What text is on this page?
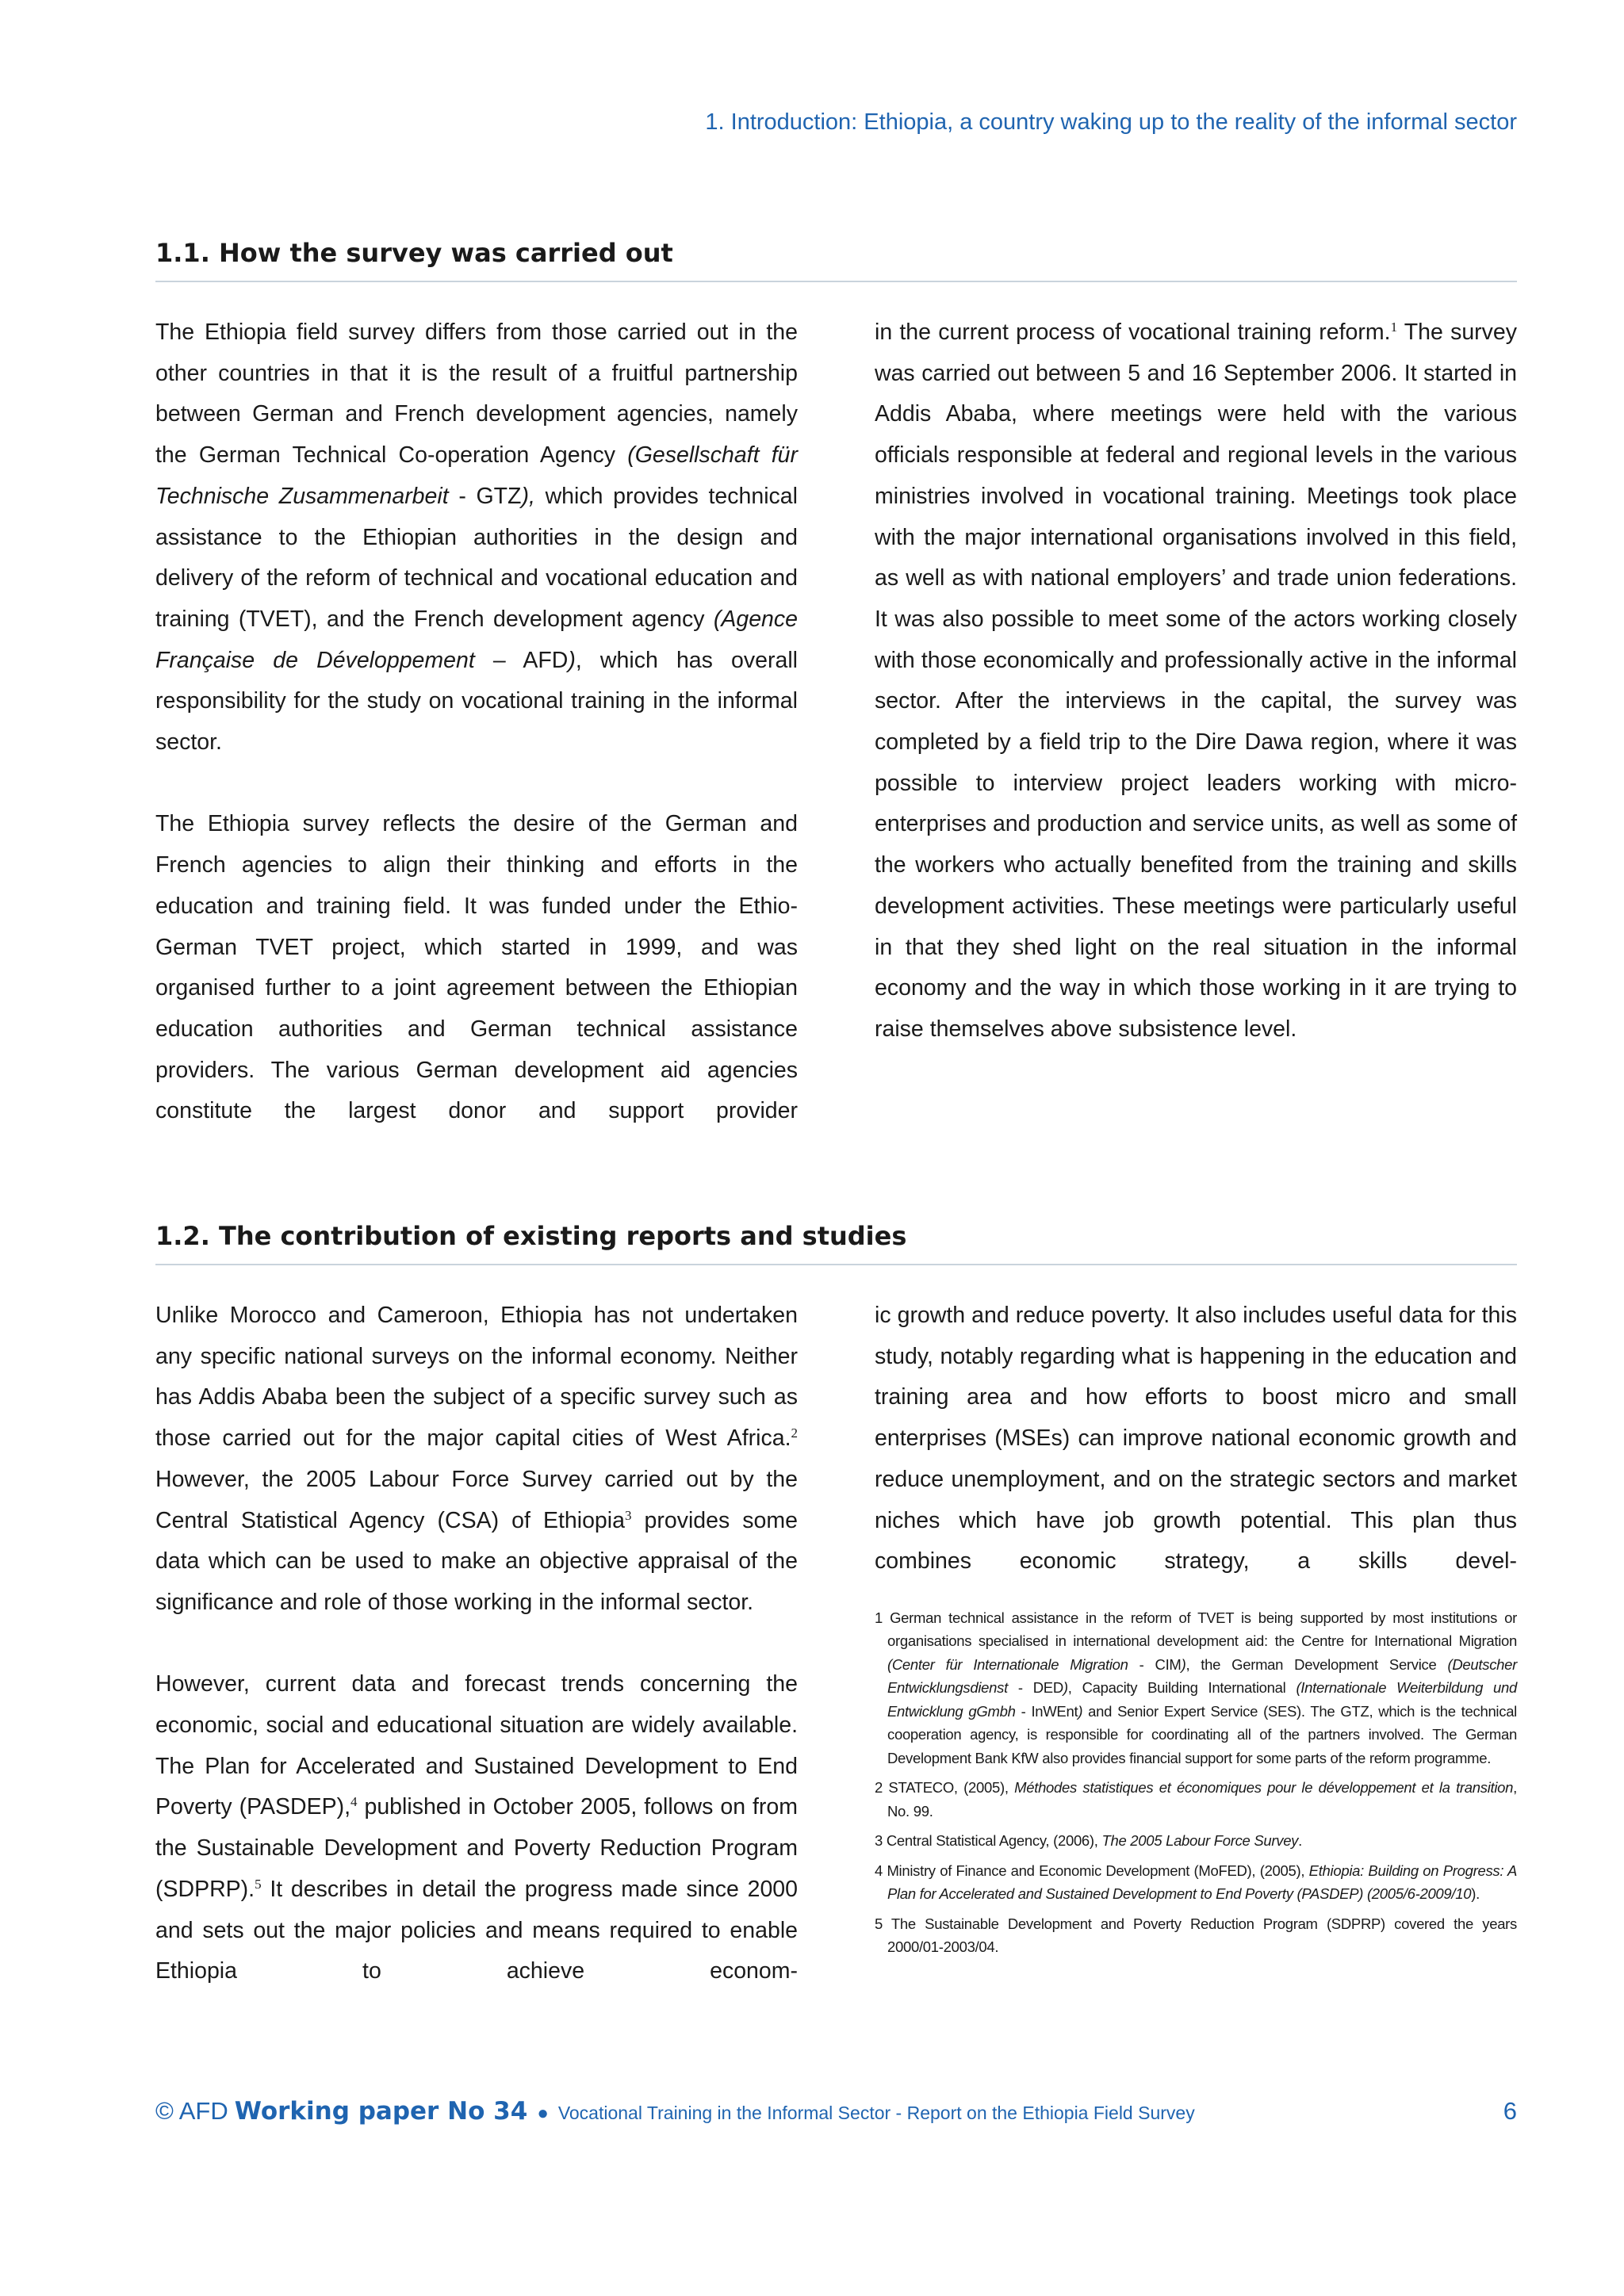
1. Introduction: Ethiopia, a country waking up to the reality of the informal sector
1.1. How the survey was carried out

The Ethiopia field survey differs from those carried out in the other countries in that it is the result of a fruitful partnership between German and French development agencies, namely the German Technical Co-operation Agency (Gesellschaft für Technische Zusammenarbeit - GTZ), which provides technical assistance to the Ethiopian authorities in the design and delivery of the reform of technical and vocational education and training (TVET), and the French development agency (Agence Française de Développement – AFD), which has overall responsibility for the study on vocational training in the informal sector.

The Ethiopia survey reflects the desire of the German and French agencies to align their thinking and efforts in the education and training field. It was funded under the Ethio-German TVET project, which started in 1999, and was organised further to a joint agreement between the Ethiopian education authorities and German technical assistance providers. The various German development aid agencies constitute the largest donor and support provider

in the current process of vocational training reform.$^1$ The survey was carried out between 5 and 16 September 2006. It started in Addis Ababa, where meetings were held with the various officials responsible at federal and regional levels in the various ministries involved in vocational training. Meetings took place with the major international organisations involved in this field, as well as with national employers’ and trade union federations. It was also possible to meet some of the actors working closely with those economically and professionally active in the informal sector. After the interviews in the capital, the survey was completed by a field trip to the Dire Dawa region, where it was possible to interview project leaders working with micro-enterprises and production and service units, as well as some of the workers who actually benefited from the training and skills development activities. These meetings were particularly useful in that they shed light on the real situation in the informal economy and the way in which those working in it are trying to raise themselves above subsistence level.

1.2. The contribution of existing reports and studies

Unlike Morocco and Cameroon, Ethiopia has not undertaken any specific national surveys on the informal economy. Neither has Addis Ababa been the subject of a specific survey such as those carried out for the major capital cities of West Africa.$^2$ However, the 2005 Labour Force Survey carried out by the Central Statistical Agency (CSA) of Ethiopia$^3$ provides some data which can be used to make an objective appraisal of the significance and role of those working in the informal sector.

However, current data and forecast trends concerning the economic, social and educational situation are widely available. The Plan for Accelerated and Sustained Development to End Poverty (PASDEP),$^4$ published in October 2005, follows on from the Sustainable Development and Poverty Reduction Program (SDPRP).$^5$ It describes in detail the progress made since 2000 and sets out the major policies and means required to enable Ethiopia to achieve econom-

ic growth and reduce poverty. It also includes useful data for this study, notably regarding what is happening in the education and training area and how efforts to boost micro and small enterprises (MSEs) can improve national economic growth and reduce unemployment, and on the strategic sectors and market niches which have job growth potential. This plan thus combines economic strategy, a skills devel-

1 German technical assistance in the reform of TVET is being supported by most institutions or organisations specialised in international development aid: the Centre for International Migration (Center für Internationale Migration - CIM), the German Development Service (Deutscher Entwicklungsdienst - DED), Capacity Building International (Internationale Weiterbildung und Entwicklung gGmbh - InWEnt) and Senior Expert Service (SES). The GTZ, which is the technical cooperation agency, is responsible for coordinating all of the partners involved. The German Development Bank KfW also provides financial support for some parts of the reform programme.
2 STATECO, (2005), Méthodes statistiques et économiques pour le développement et la transition, No. 99.
3 Central Statistical Agency, (2006), The 2005 Labour Force Survey.
4 Ministry of Finance and Economic Development (MoFED), (2005), Ethiopia: Building on Progress: A Plan for Accelerated and Sustained Development to End Poverty (PASDEP) (2005/6-2009/10).
5 The Sustainable Development and Poverty Reduction Program (SDPRP) covered the years 2000/01-2003/04.
© AFD Working paper No 34 ● Vocational Training in the Informal Sector - Report on the Ethiopia Field Survey	6
